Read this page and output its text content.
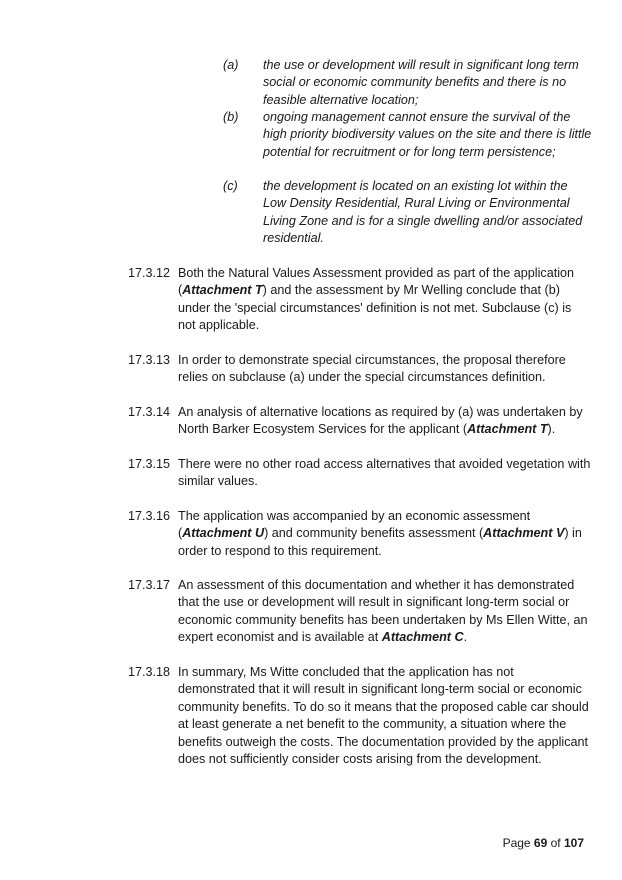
(a) the use or development will result in significant long term social or economic community benefits and there is no feasible alternative location;
(b) ongoing management cannot ensure the survival of the high priority biodiversity values on the site and there is little potential for recruitment or for long term persistence;
(c) the development is located on an existing lot within the Low Density Residential, Rural Living or Environmental Living Zone and is for a single dwelling and/or associated residential.
17.3.12 Both the Natural Values Assessment provided as part of the application (Attachment T) and the assessment by Mr Welling conclude that (b) under the 'special circumstances' definition is not met. Subclause (c) is not applicable.
17.3.13 In order to demonstrate special circumstances, the proposal therefore relies on subclause (a) under the special circumstances definition.
17.3.14 An analysis of alternative locations as required by (a) was undertaken by North Barker Ecosystem Services for the applicant (Attachment T).
17.3.15 There were no other road access alternatives that avoided vegetation with similar values.
17.3.16 The application was accompanied by an economic assessment (Attachment U) and community benefits assessment (Attachment V) in order to respond to this requirement.
17.3.17 An assessment of this documentation and whether it has demonstrated that the use or development will result in significant long-term social or economic community benefits has been undertaken by Ms Ellen Witte, an expert economist and is available at Attachment C.
17.3.18 In summary, Ms Witte concluded that the application has not demonstrated that it will result in significant long-term social or economic community benefits. To do so it means that the proposed cable car should at least generate a net benefit to the community, a situation where the benefits outweigh the costs. The documentation provided by the applicant does not sufficiently consider costs arising from the development.
Page 69 of 107
